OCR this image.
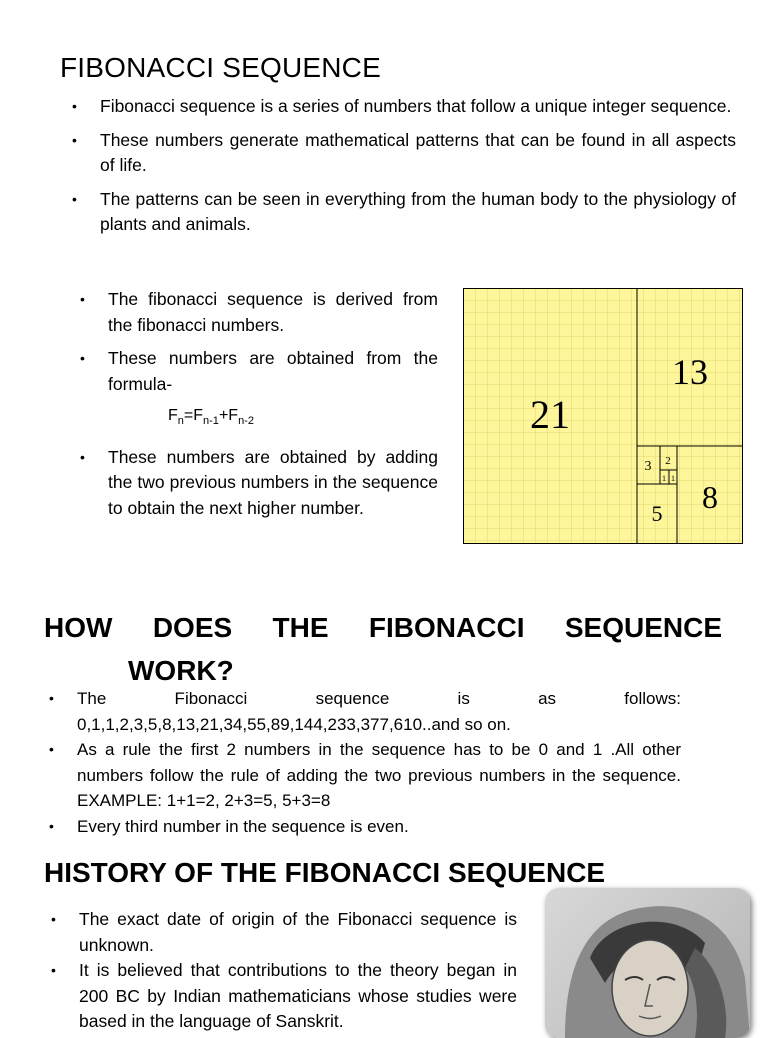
FIBONACCI SEQUENCE
• Fibonacci sequence is a series of numbers that follow a unique integer sequence.
• These numbers generate mathematical patterns that can be found in all aspects of life.
• The patterns can be seen in everything from the human body to the physiology of plants and animals.
• The fibonacci sequence is derived from the fibonacci numbers.
• These numbers are obtained from the formula-
$F_n=F_{n-1}+F_{n-2}$
• These numbers are obtained by adding the two previous numbers in the sequence to obtain the next higher number.
21
13
8
5
3 2
1 1
HOW DOES THE FIBONACCI SEQUENCE
WORK?
• The Fibonacci sequence is as follows: 0,1,1,2,3,5,8,13,21,34,55,89,144,233,377,610..and so on.
• As a rule the first 2 numbers in the sequence has to be 0 and 1 .All other numbers follow the rule of adding the two previous numbers in the sequence. EXAMPLE: 1+1=2, 2+3=5, 5+3=8
• Every third number in the sequence is even.
HISTORY OF THE FIBONACCI SEQUENCE
• The exact date of origin of the Fibonacci sequence is unknown.
• It is believed that contributions to the theory began in 200 BC by Indian mathematicians whose studies were based in the language of Sanskrit.
